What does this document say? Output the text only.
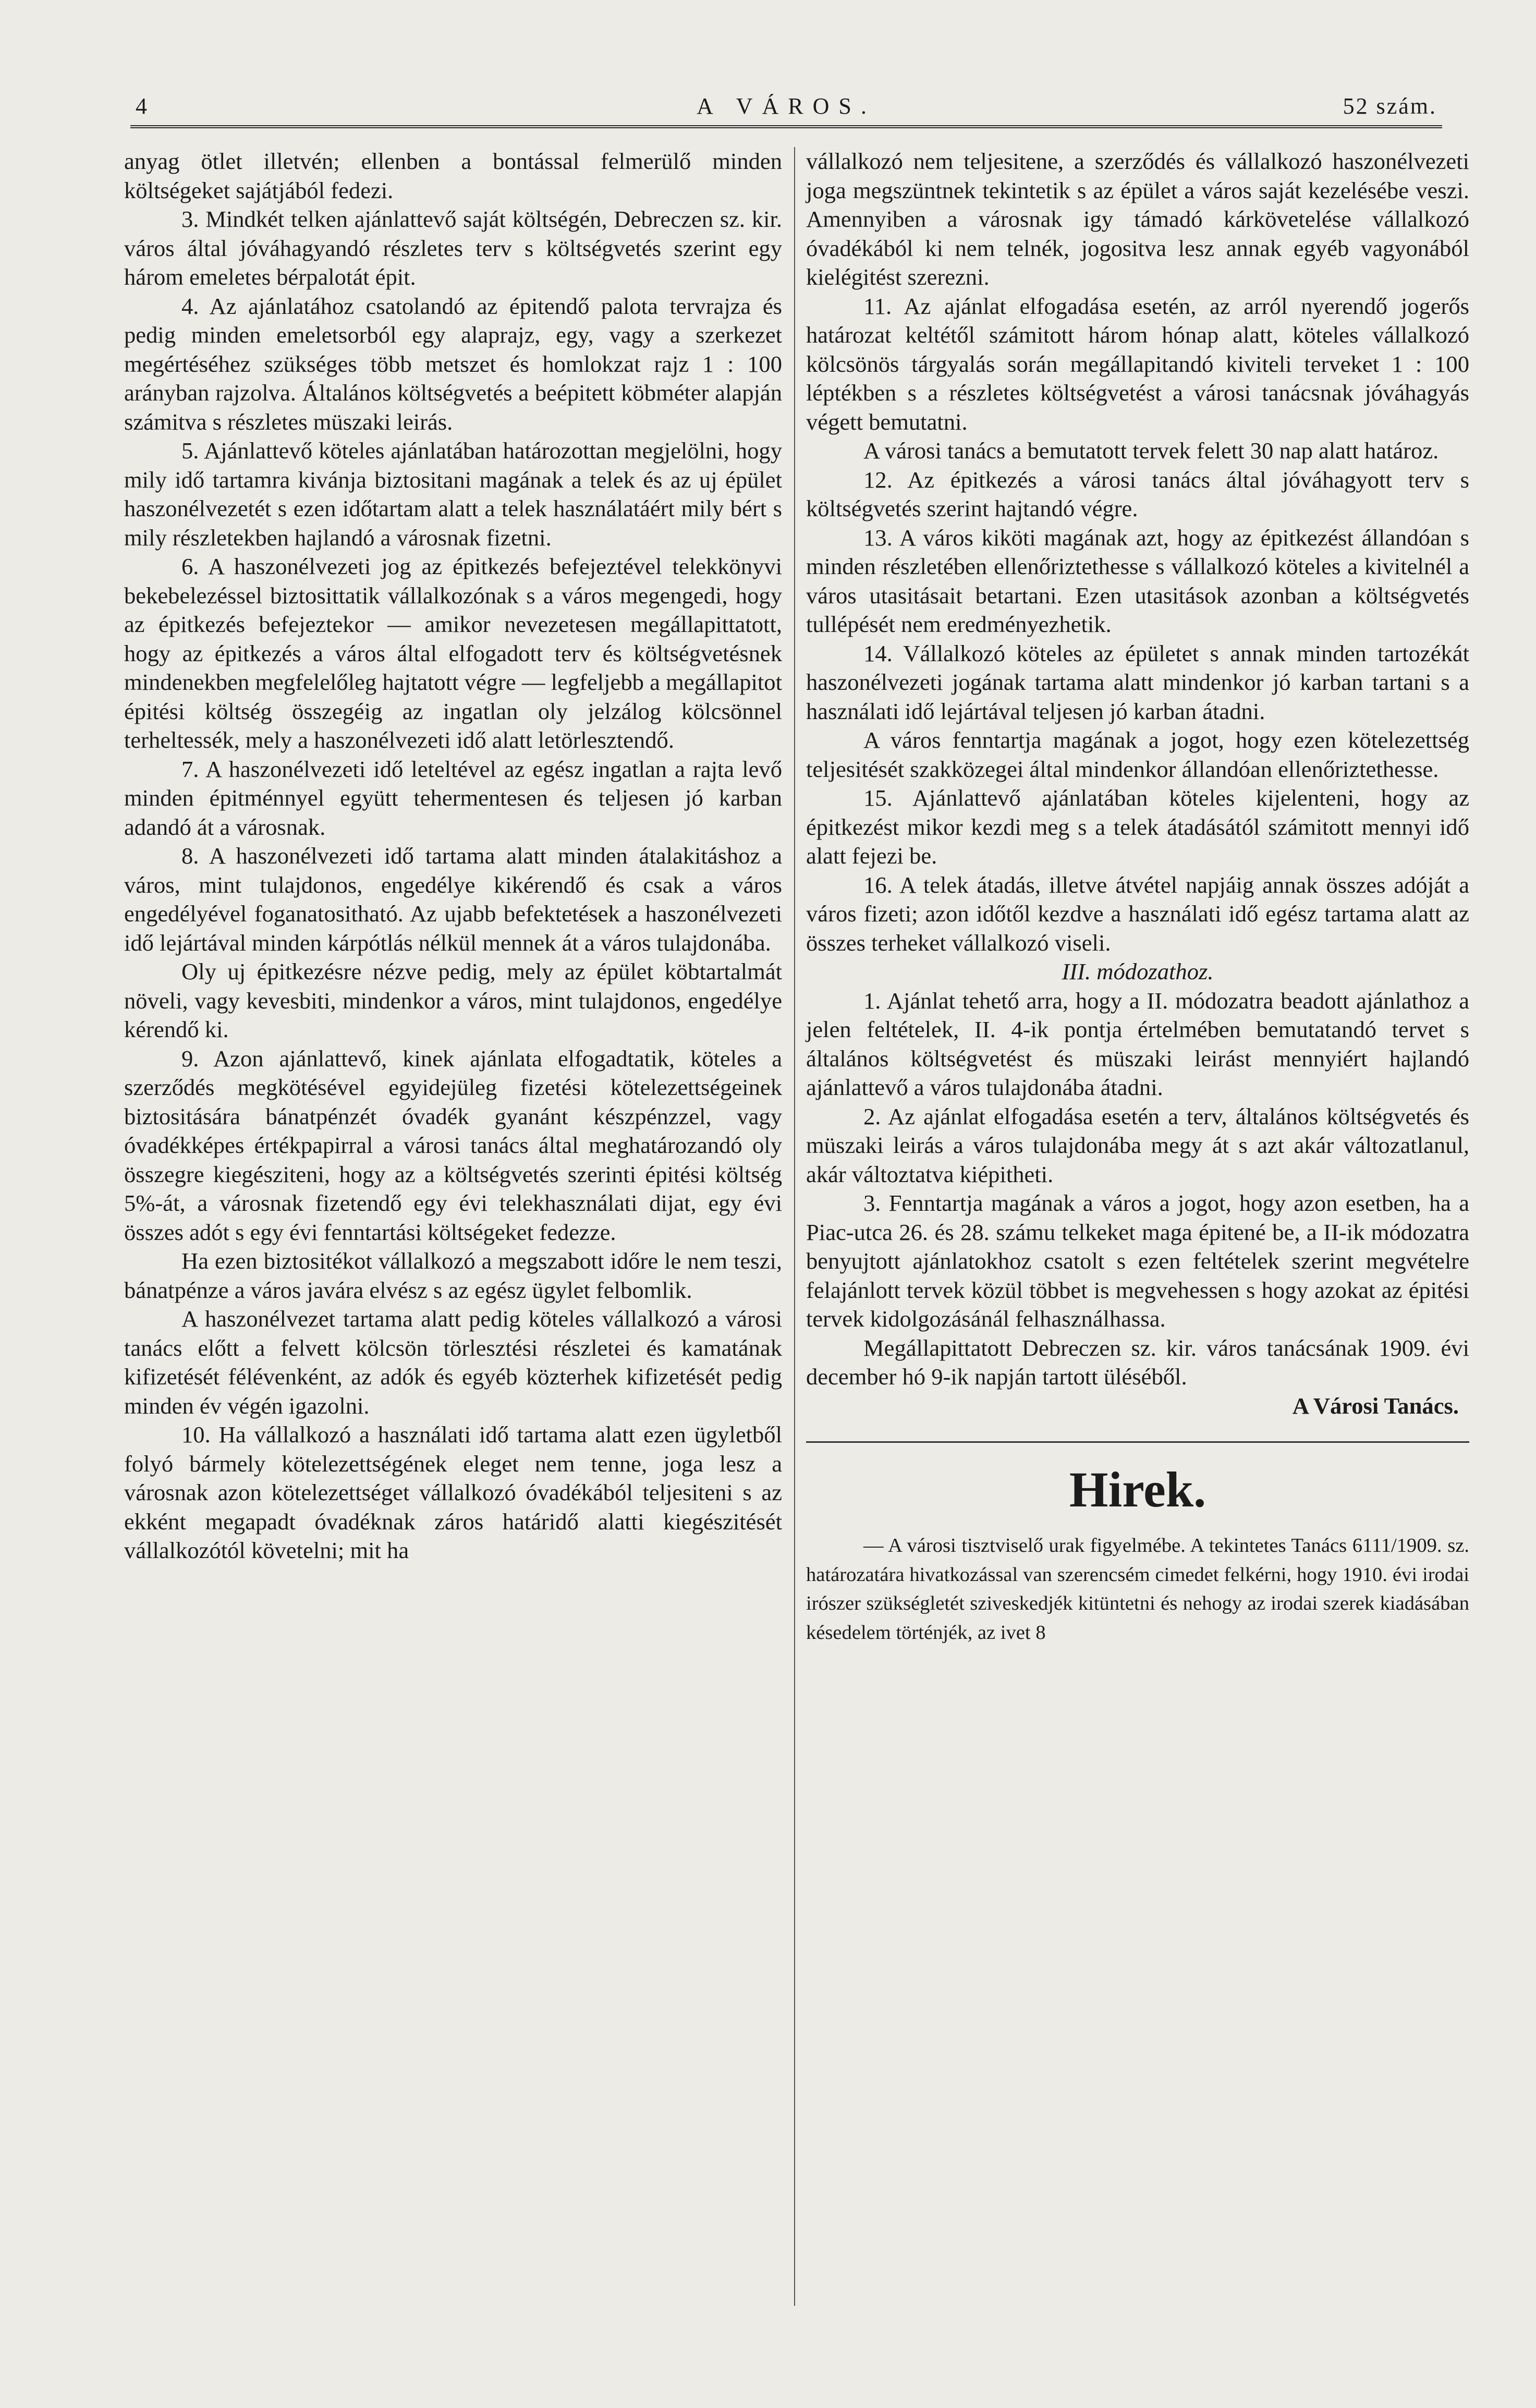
4	A VÁROS.	52 szám.

anyag ötlet illetvén; ellenben a bontással felmerülő minden költségeket sajátjából fedezi.

3. Mindkét telken ajánlattevő saját költségén, Debreczen sz. kir. város által jóváhagyandó részletes terv s költségvetés szerint egy három emeletes bérpalotát épit.

4. Az ajánlatához csatolandó az épitendő palota tervrajza és pedig minden emeletsorból egy alaprajz, egy, vagy a szerkezet megértéséhez szükséges több metszet és homlokzat rajz 1 : 100 arányban rajzolva. Általános költségvetés a beépitett köbméter alapján számitva s részletes müszaki leirás.

5. Ajánlattevő köteles ajánlatában határozottan megjelölni, hogy mily idő tartamra kivánja biztositani magának a telek és az uj épület haszonélvezetét s ezen időtartam alatt a telek használatáért mily bért s mily részletekben hajlandó a városnak fizetni.

6. A haszonélvezeti jog az épitkezés befejeztével telekkönyvi bekebelezéssel biztosittatik vállalkozónak s a város megengedi, hogy az épitkezés befejeztekor — amikor nevezetesen megállapittatott, hogy az épitkezés a város által elfogadott terv és költségvetésnek mindenekben megfelelőleg hajtatott végre — legfeljebb a megállapitot épitési költség összegéig az ingatlan oly jelzálog kölcsönnel terheltessék, mely a haszonélvezeti idő alatt letörlesztendő.

7. A haszonélvezeti idő leteltével az egész ingatlan a rajta levő minden épitménnyel együtt tehermentesen és teljesen jó karban adandó át a városnak.

8. A haszonélvezeti idő tartama alatt minden átalakitáshoz a város, mint tulajdonos, engedélye kikérendő és csak a város engedélyével foganatositható. Az ujabb befektetések a haszonélvezeti idő lejártával minden kárpótlás nélkül mennek át a város tulajdonába.

Oly uj épitkezésre nézve pedig, mely az épület köbtartalmát növeli, vagy kevesbiti, mindenkor a város, mint tulajdonos, engedélye kérendő ki.

9. Azon ajánlattevő, kinek ajánlata elfogadtatik, köteles a szerződés megkötésével egyidejüleg fizetési kötelezettségeinek biztositására bánatpénzét óvadék gyanánt készpénzzel, vagy óvadékképes értékpapirral a városi tanács által meghatározandó oly összegre kiegésziteni, hogy az a költségvetés szerinti épitési költség 5%-át, a városnak fizetendő egy évi telekhasználati dijat, egy évi összes adót s egy évi fenntartási költségeket fedezze.

Ha ezen biztositékot vállalkozó a megszabott időre le nem teszi, bánatpénze a város javára elvész s az egész ügylet felbomlik.

A haszonélvezet tartama alatt pedig köteles vállalkozó a városi tanács előtt a felvett kölcsön törlesztési részletei és kamatának kifizetését félévenként, az adók és egyéb közterhek kifizetését pedig minden év végén igazolni.

10. Ha vállalkozó a használati idő tartama alatt ezen ügyletből folyó bármely kötelezettségének eleget nem tenne, joga lesz a városnak azon kötelezettséget vállalkozó óvadékából teljesiteni s az ekként megapadt óvadéknak záros határidő alatti kiegészitését vállalkozótól követelni; mit ha

vállalkozó nem teljesitene, a szerződés és vállalkozó haszonélvezeti joga megszüntnek tekintetik s az épület a város saját kezelésébe veszi. Amennyiben a városnak igy támadó kárkövetelése vállalkozó óvadékából ki nem telnék, jogositva lesz annak egyéb vagyonából kielégitést szerezni.

11. Az ajánlat elfogadása esetén, az arról nyerendő jogerős határozat keltétől számitott három hónap alatt, köteles vállalkozó kölcsönös tárgyalás során megállapitandó kiviteli terveket 1 : 100 léptékben s a részletes költségvetést a városi tanácsnak jóváhagyás végett bemutatni.

A városi tanács a bemutatott tervek felett 30 nap alatt határoz.

12. Az épitkezés a városi tanács által jóváhagyott terv s költségvetés szerint hajtandó végre.

13. A város kiköti magának azt, hogy az épitkezést állandóan s minden részletében ellenőriztethesse s vállalkozó köteles a kivitelnél a város utasitásait betartani. Ezen utasitások azonban a költségvetés tullépését nem eredményezhetik.

14. Vállalkozó köteles az épületet s annak minden tartozékát haszonélvezeti jogának tartama alatt mindenkor jó karban tartani s a használati idő lejártával teljesen jó karban átadni.

A város fenntartja magának a jogot, hogy ezen kötelezettség teljesitését szakközegei által mindenkor állandóan ellenőriztethesse.

15. Ajánlattevő ajánlatában köteles kijelenteni, hogy az épitkezést mikor kezdi meg s a telek átadásától számitott mennyi idő alatt fejezi be.

16. A telek átadás, illetve átvétel napjáig annak összes adóját a város fizeti; azon időtől kezdve a használati idő egész tartama alatt az összes terheket vállalkozó viseli.

III. módozathoz.

1. Ajánlat tehető arra, hogy a II. módozatra beadott ajánlathoz a jelen feltételek, II. 4-ik pontja értelmében bemutatandó tervet s általános költségvetést és müszaki leirást mennyiért hajlandó ajánlattevő a város tulajdonába átadni.

2. Az ajánlat elfogadása esetén a terv, általános költségvetés és müszaki leirás a város tulajdonába megy át s azt akár változatlanul, akár változtatva kiépitheti.

3. Fenntartja magának a város a jogot, hogy azon esetben, ha a Piac-utca 26. és 28. számu telkeket maga épitené be, a II-ik módozatra benyujtott ajánlatokhoz csatolt s ezen feltételek szerint megvételre felajánlott tervek közül többet is megvehessen s hogy azokat az épitési tervek kidolgozásánál felhasználhassa.

Megállapittatott Debreczen sz. kir. város tanácsának 1909. évi december hó 9-ik napján tartott üléséből.

A Városi Tanács.

Hirek.

— A városi tisztviselő urak figyelmébe. A tekintetes Tanács 6111/1909. sz. határozatára hivatkozással van szerencsém cimedet felkérni, hogy 1910. évi irodai irószer szükségletét sziveskedjék kitüntetni és nehogy az irodai szerek kiadásában késedelem történjék, az ivet 8
